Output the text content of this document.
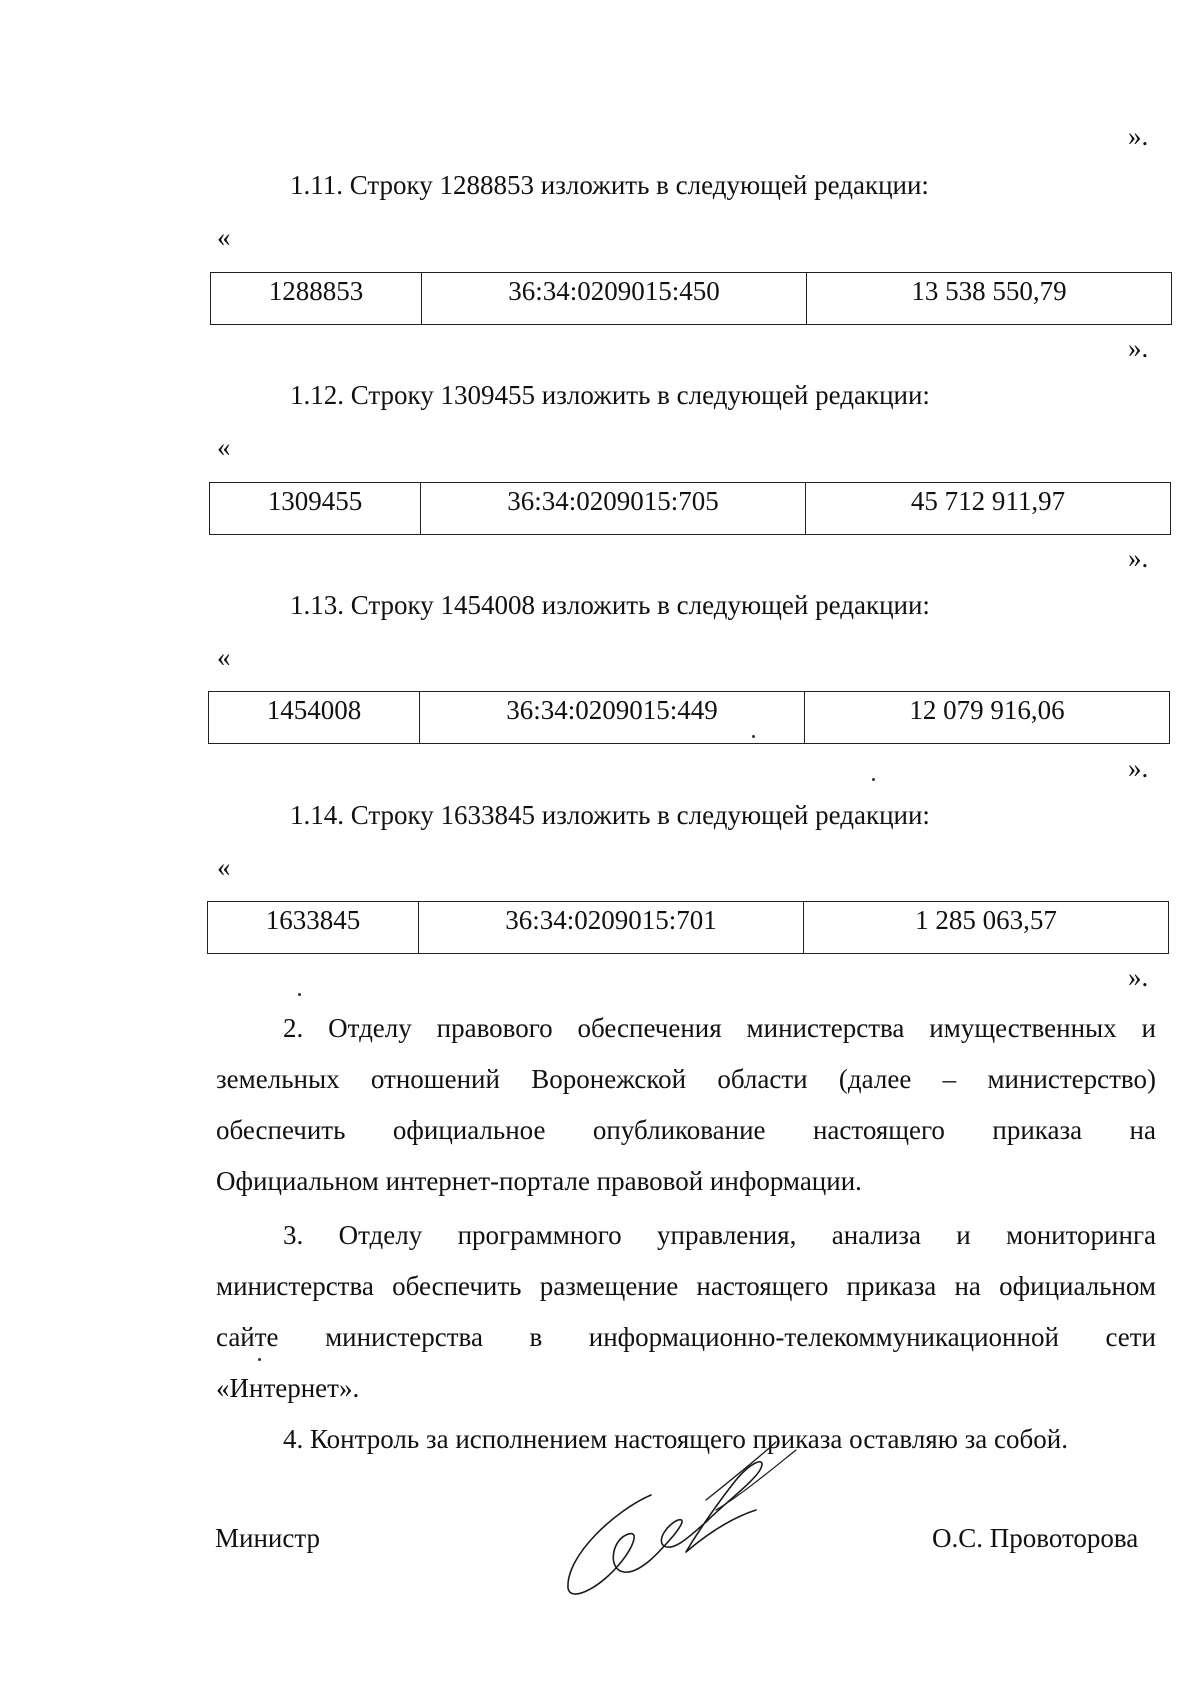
».
1.11. Строку 1288853 изложить в следующей редакции:
«
1288853	36:34:0209015:450	13 538 550,79
».
1.12. Строку 1309455 изложить в следующей редакции:
«
1309455	36:34:0209015:705	45 712 911,97
».
1.13. Строку 1454008 изложить в следующей редакции:
«
1454008	36:34:0209015:449	12 079 916,06
».
1.14. Строку 1633845 изложить в следующей редакции:
«
1633845	36:34:0209015:701	1 285 063,57
».
2. Отделу правового обеспечения министерства имущественных и
земельных отношений Воронежской области (далее – министерство)
обеспечить официальное опубликование настоящего приказа на
Официальном интернет-портале правовой информации.
3. Отделу программного управления, анализа и мониторинга
министерства обеспечить размещение настоящего приказа на официальном
сайте министерства в информационно-телекоммуникационной сети
«Интернет».
4. Контроль за исполнением настоящего приказа оставляю за собой.
Министр	О.С. Провоторова
